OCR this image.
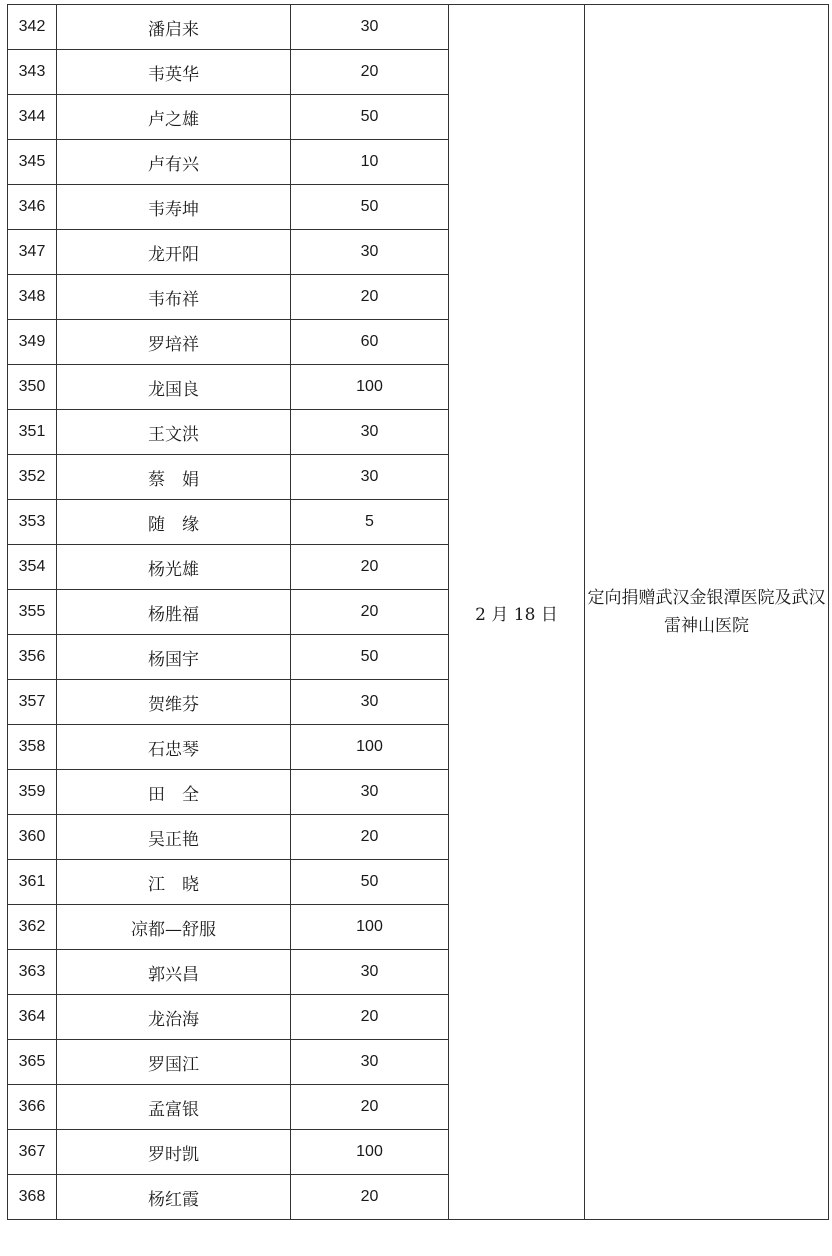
342	潘启来	30	2 月 18 日	定向捐赠武汉金银潭医院及武汉雷神山医院
343	韦英华	20		
344	卢之雄	50		
345	卢有兴	10		
346	韦寿坤	50		
347	龙开阳	30		
348	韦布祥	20		
349	罗培祥	60		
350	龙国良	100		
351	王文洪	30		
352	蔡　娟	30		
353	随　缘	5		
354	杨光雄	20		
355	杨胜福	20		
356	杨国宇	50		
357	贺维芬	30		
358	石忠琴	100		
359	田　全	30		
360	吴正艳	20		
361	江　晓	50		
362	凉都—舒服	100		
363	郭兴昌	30		
364	龙治海	20		
365	罗国江	30		
366	孟富银	20		
367	罗时凯	100		
368	杨红霞	20		
